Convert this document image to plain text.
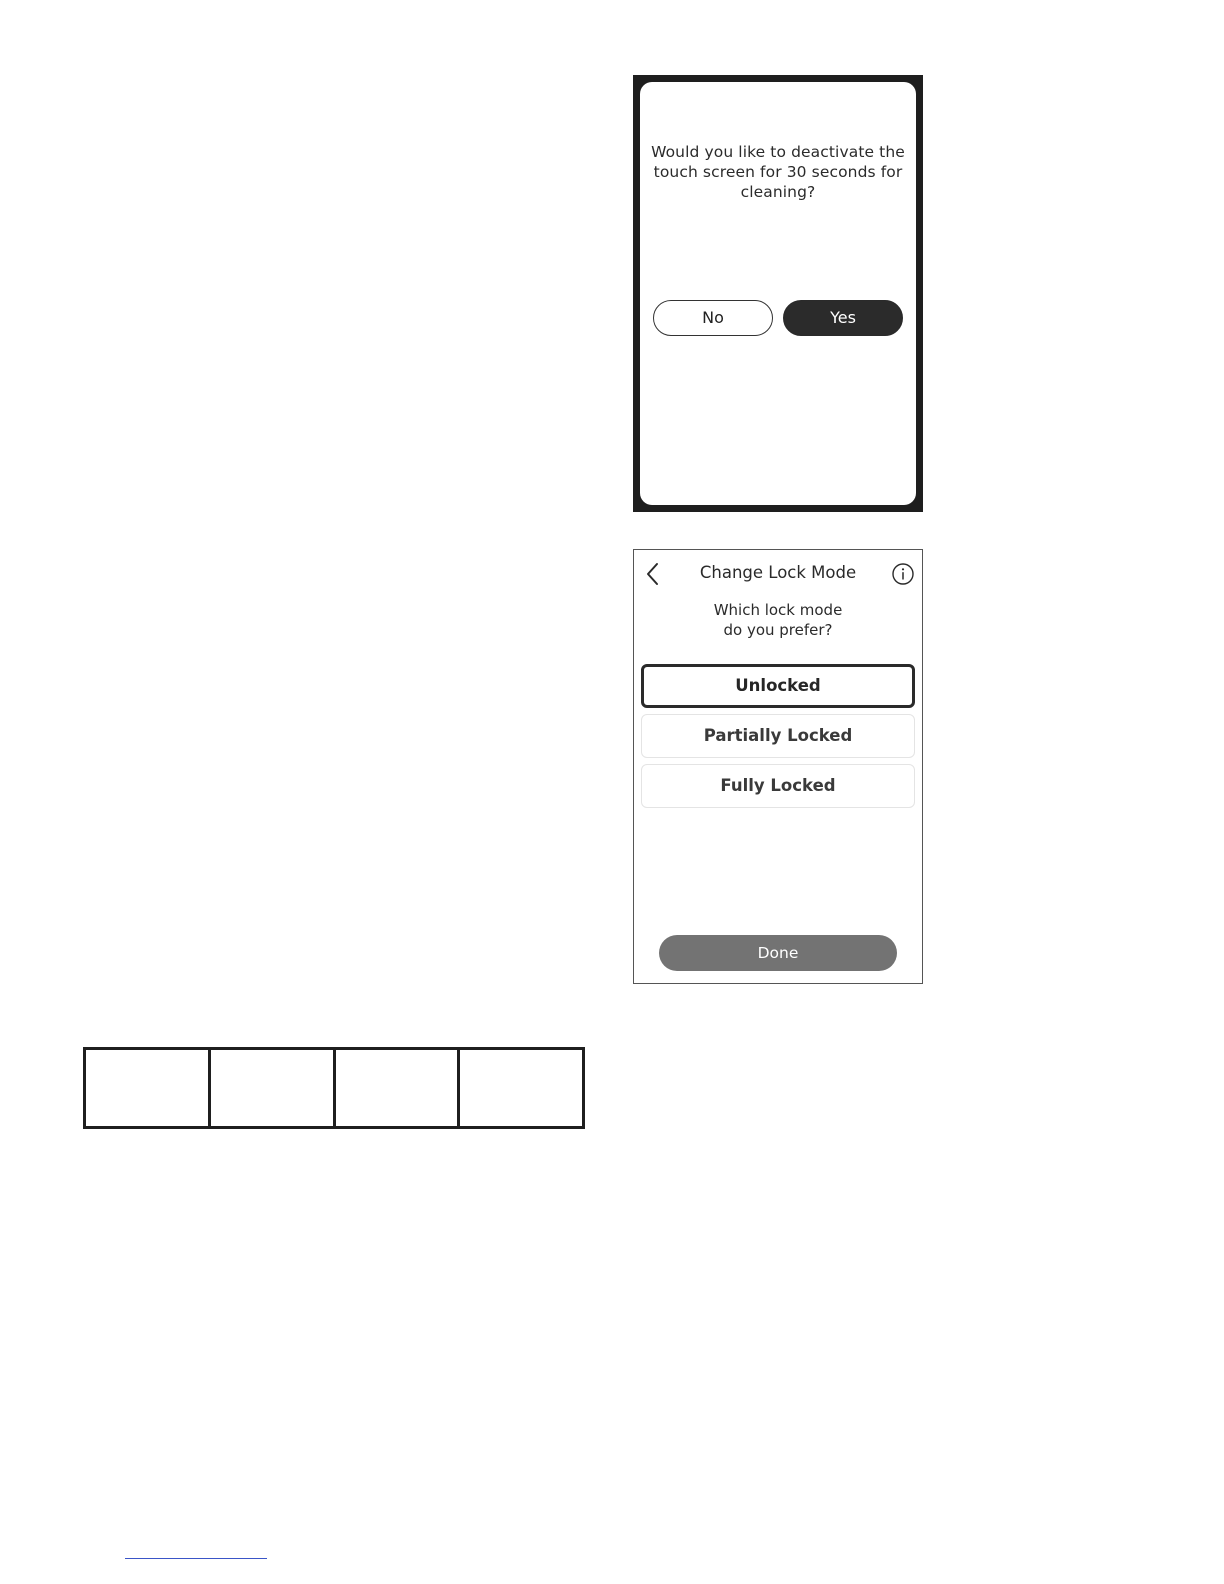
Would you like to deactivate the touch screen for 30 seconds for cleaning?
No	Yes
Change Lock Mode
Which lock mode
do you prefer?
Unlocked
Partially Locked
Fully Locked
Done
